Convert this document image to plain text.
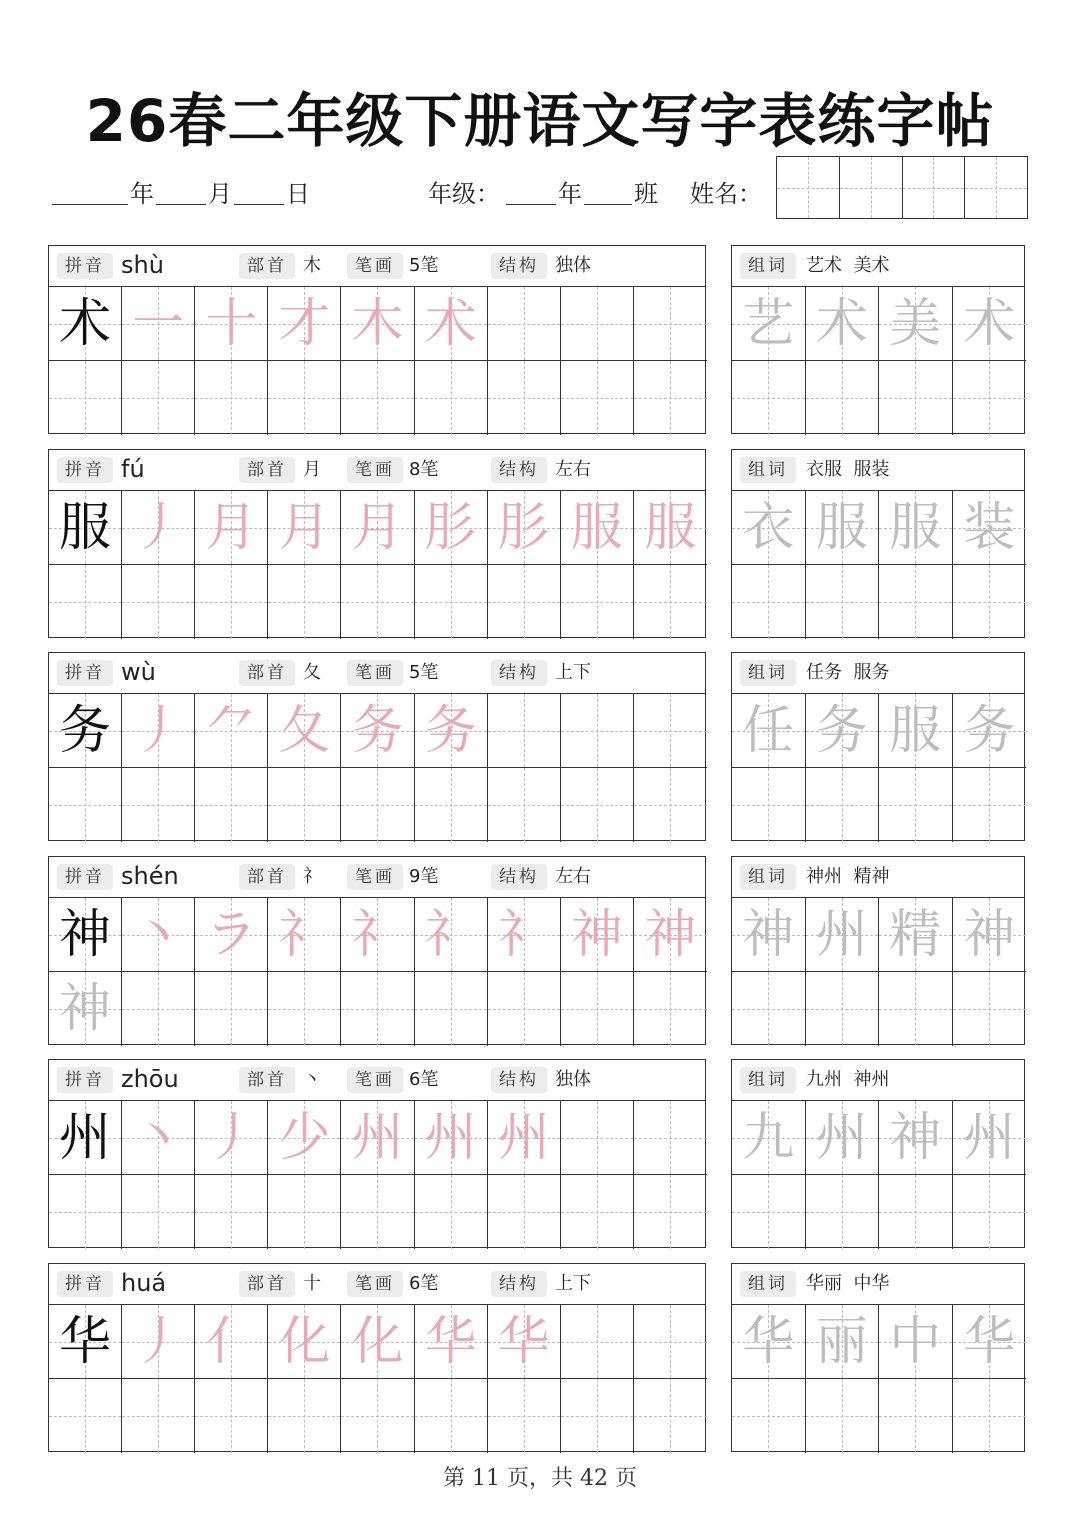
26春二年级下册语文写字表练字帖
年 月 日	年级： 年 班 姓名：
拼音 shù	部首 木	笔画 5笔	结构 独体
术 一 十 才 木 术
组词	艺术  美术
艺 术 美 术
拼音 fú	部首 月	笔画 8笔	结构 左右
服 丿 月 月 月 肜 肜 服 服
组词	衣服  服装
衣 服 服 装
拼音 wù	部首 夂	笔画 5笔	结构 上下
务 丿 ⺈ 夂 务 务
组词	任务  服务
任 务 服 务
拼音 shén	部首 礻	笔画 9笔	结构 左右
神 丶 ラ 礻 礻 礻 礻 神 神
神
组词	神州  精神
神 州 精 神
拼音 zhōu	部首 丶	笔画 6笔	结构 独体
州 丶 丿 少 州 州 州
组词	九州  神州
九 州 神 州
拼音 huá	部首 十	笔画 6笔	结构 上下
华 丿 亻 化 化 华 华
组词	华丽  中华
华 丽 中 华
第 11 页，共 42 页
